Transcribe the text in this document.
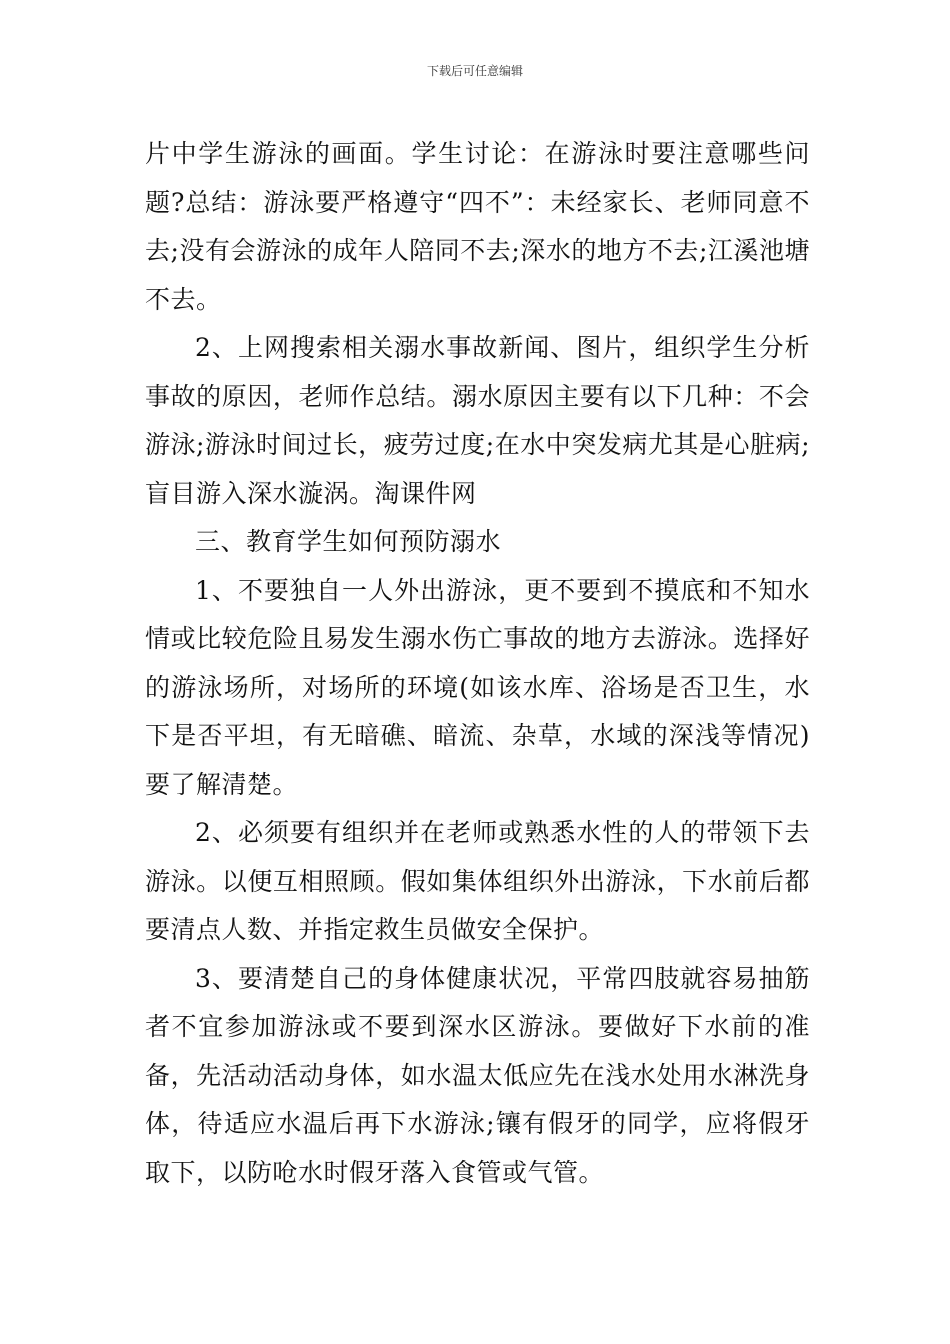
下载后可任意编辑

片中学生游泳的画面。学生讨论：在游泳时要注意哪些问题?总结：游泳要严格遵守“四不”：未经家长、老师同意不去;没有会游泳的成年人陪同不去;深水的地方不去;江溪池塘不去。

2、上网搜索相关溺水事故新闻、图片，组织学生分析事故的原因，老师作总结。溺水原因主要有以下几种：不会游泳;游泳时间过长，疲劳过度;在水中突发病尤其是心脏病;盲目游入深水漩涡。淘课件网

三、教育学生如何预防溺水

1、不要独自一人外出游泳，更不要到不摸底和不知水情或比较危险且易发生溺水伤亡事故的地方去游泳。选择好的游泳场所，对场所的环境(如该水库、浴场是否卫生，水下是否平坦，有无暗礁、暗流、杂草，水域的深浅等情况)要了解清楚。

2、必须要有组织并在老师或熟悉水性的人的带领下去游泳。以便互相照顾。假如集体组织外出游泳，下水前后都要清点人数、并指定救生员做安全保护。

3、要清楚自己的身体健康状况，平常四肢就容易抽筋者不宜参加游泳或不要到深水区游泳。要做好下水前的准备，先活动活动身体，如水温太低应先在浅水处用水淋洗身体，待适应水温后再下水游泳;镶有假牙的同学，应将假牙取下，以防呛水时假牙落入食管或气管。
